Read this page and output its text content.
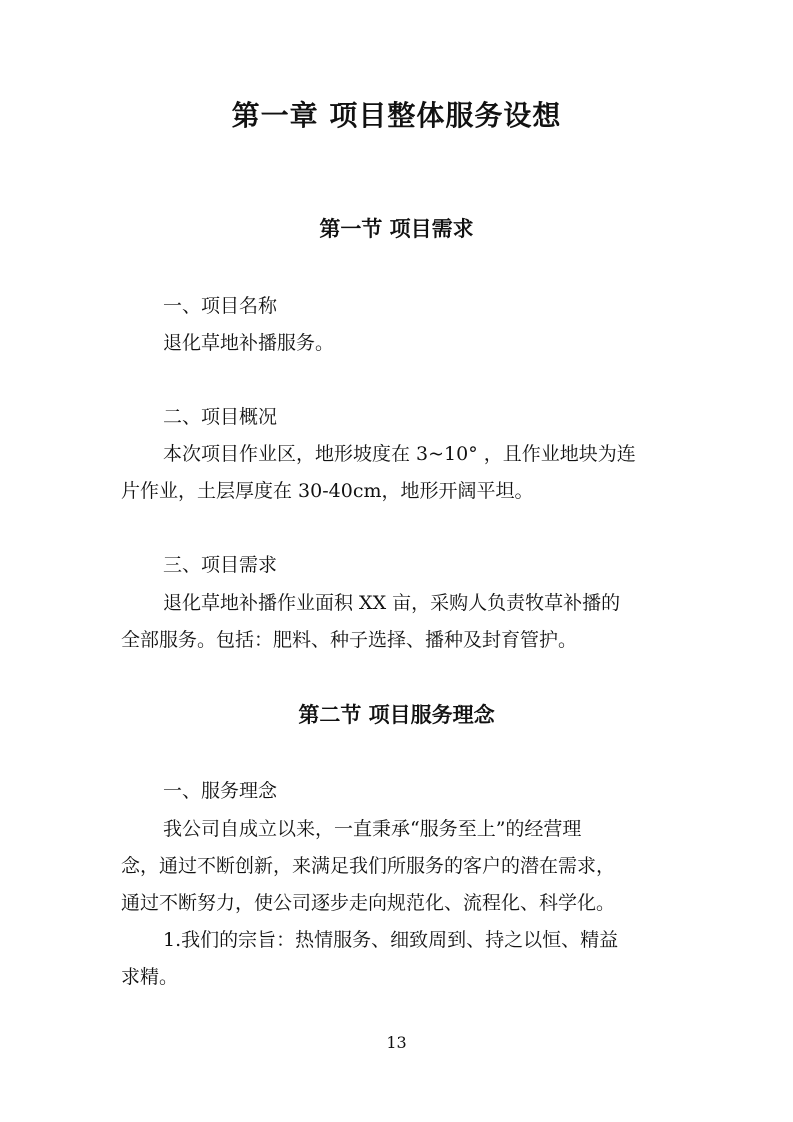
第一章 项目整体服务设想
第一节 项目需求
一、项目名称
退化草地补播服务。
二、项目概况
本次项目作业区，地形坡度在 3~10° ，且作业地块为连
片作业，土层厚度在 30-40cm，地形开阔平坦。
三、项目需求
退化草地补播作业面积 XX 亩，采购人负责牧草补播的
全部服务。包括：肥料、种子选择、播种及封育管护。
第二节 项目服务理念
一、服务理念
我公司自成立以来，一直秉承“服务至上”的经营理
念，通过不断创新，来满足我们所服务的客户的潜在需求，
通过不断努力，使公司逐步走向规范化、流程化、科学化。
1.我们的宗旨：热情服务、细致周到、持之以恒、精益
求精。
13
